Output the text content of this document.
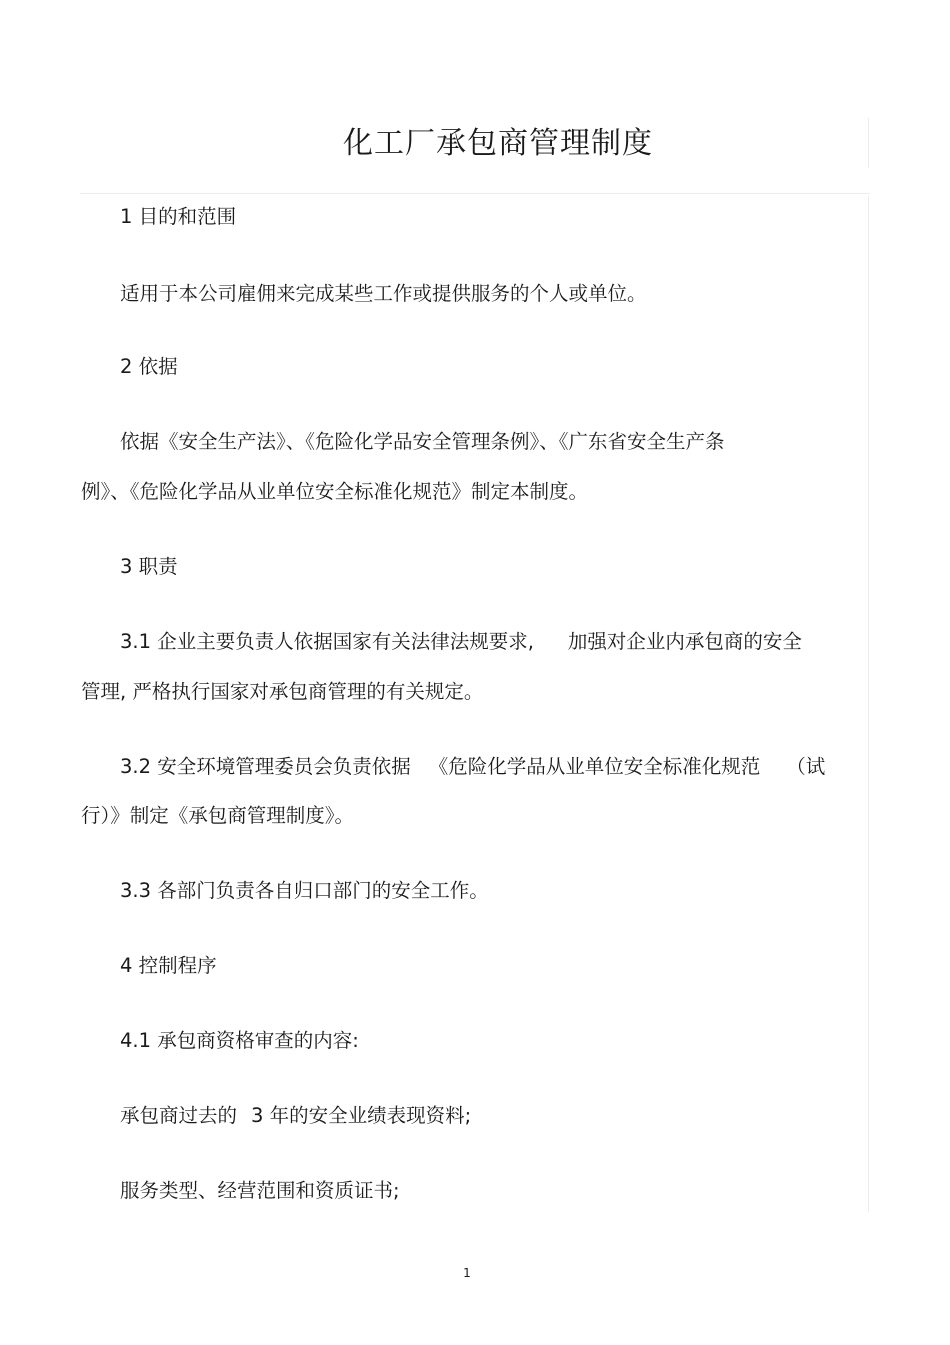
化工厂承包商管理制度
1 目的和范围
适用于本公司雇佣来完成某些工作或提供服务的个人或单位。
2 依据
依据《安全生产法》、《危险化学品安全管理条例》、《广东省安全生产条
例》、《危险化学品从业单位安全标准化规范》制定本制度。
3 职责
3.1 企业主要负责人依据国家有关法律法规要求, 加强对企业内承包商的安全
管理, 严格执行国家对承包商管理的有关规定。
3.2 安全环境管理委员会负责依据 《危险化学品从业单位安全标准化规范 （试
行）》制定《承包商管理制度》。
3.3 各部门负责各自归口部门的安全工作。
4 控制程序
4.1 承包商资格审查的内容:
承包商过去的 3 年的安全业绩表现资料;
服务类型、经营范围和资质证书;
1
